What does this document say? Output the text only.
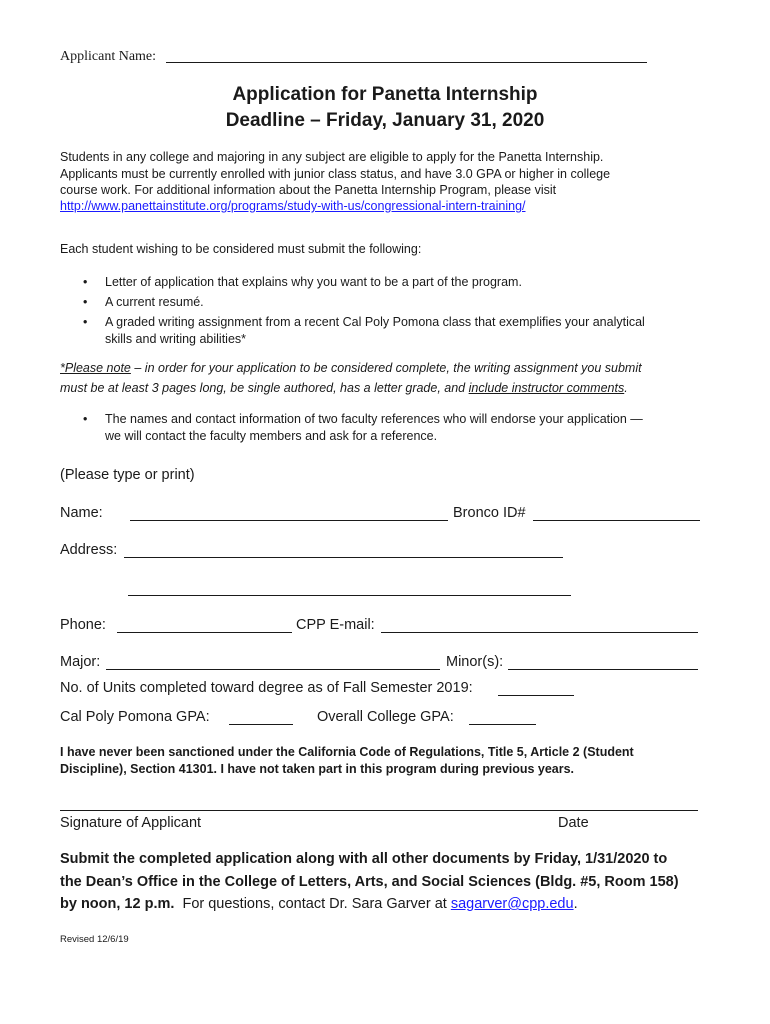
Applicant Name:
Application for Panetta Internship
Deadline – Friday, January 31, 2020
Students in any college and majoring in any subject are eligible to apply for the Panetta Internship.
Applicants must be currently enrolled with junior class status, and have 3.0 GPA or higher in college
course work. For additional information about the Panetta Internship Program, please visit
http://www.panettainstitute.org/programs/study-with-us/congressional-intern-training/
Each student wishing to be considered must submit the following:
• Letter of application that explains why you want to be a part of the program.
• A current resumé.
• A graded writing assignment from a recent Cal Poly Pomona class that exemplifies your analytical
skills and writing abilities*
*Please note – in order for your application to be considered complete, the writing assignment you submit
must be at least 3 pages long, be single authored, has a letter grade, and include instructor comments.
• The names and contact information of two faculty references who will endorse your application —
we will contact the faculty members and ask for a reference.
(Please type or print)
Name:	Bronco ID#
Address:
Phone:	CPP E-mail:
Major:	Minor(s):
No. of Units completed toward degree as of Fall Semester 2019:
Cal Poly Pomona GPA:	Overall College GPA:
I have never been sanctioned under the California Code of Regulations, Title 5, Article 2 (Student
Discipline), Section 41301. I have not taken part in this program during previous years.
Signature of Applicant	Date
Submit the completed application along with all other documents by Friday, 1/31/2020 to
the Dean’s Office in the College of Letters, Arts, and Social Sciences (Bldg. #5, Room 158)
by noon, 12 p.m.  For questions, contact Dr. Sara Garver at sagarver@cpp.edu.
Revised 12/6/19
